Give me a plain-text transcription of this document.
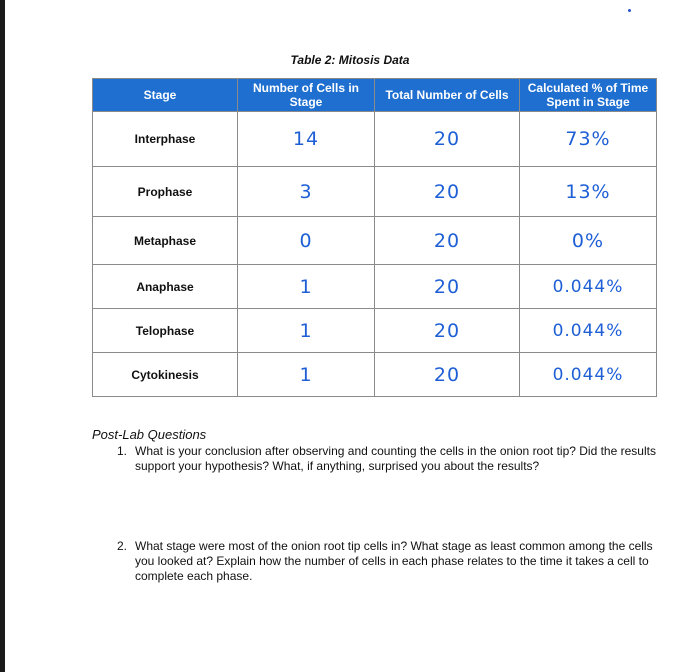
Table 2: Mitosis Data
Stage	Number of Cells in Stage	Total Number of Cells	Calculated % of Time Spent in Stage
Interphase	14	20	73%
Prophase	3	20	13%
Metaphase	0	20	0%
Anaphase	1	20	0.044%
Telophase	1	20	0.044%
Cytokinesis	1	20	0.044%
Post-Lab Questions
1. What is your conclusion after observing and counting the cells in the onion root tip? Did the results support your hypothesis? What, if anything, surprised you about the results?
2. What stage were most of the onion root tip cells in? What stage as least common among the cells you looked at? Explain how the number of cells in each phase relates to the time it takes a cell to complete each phase.
